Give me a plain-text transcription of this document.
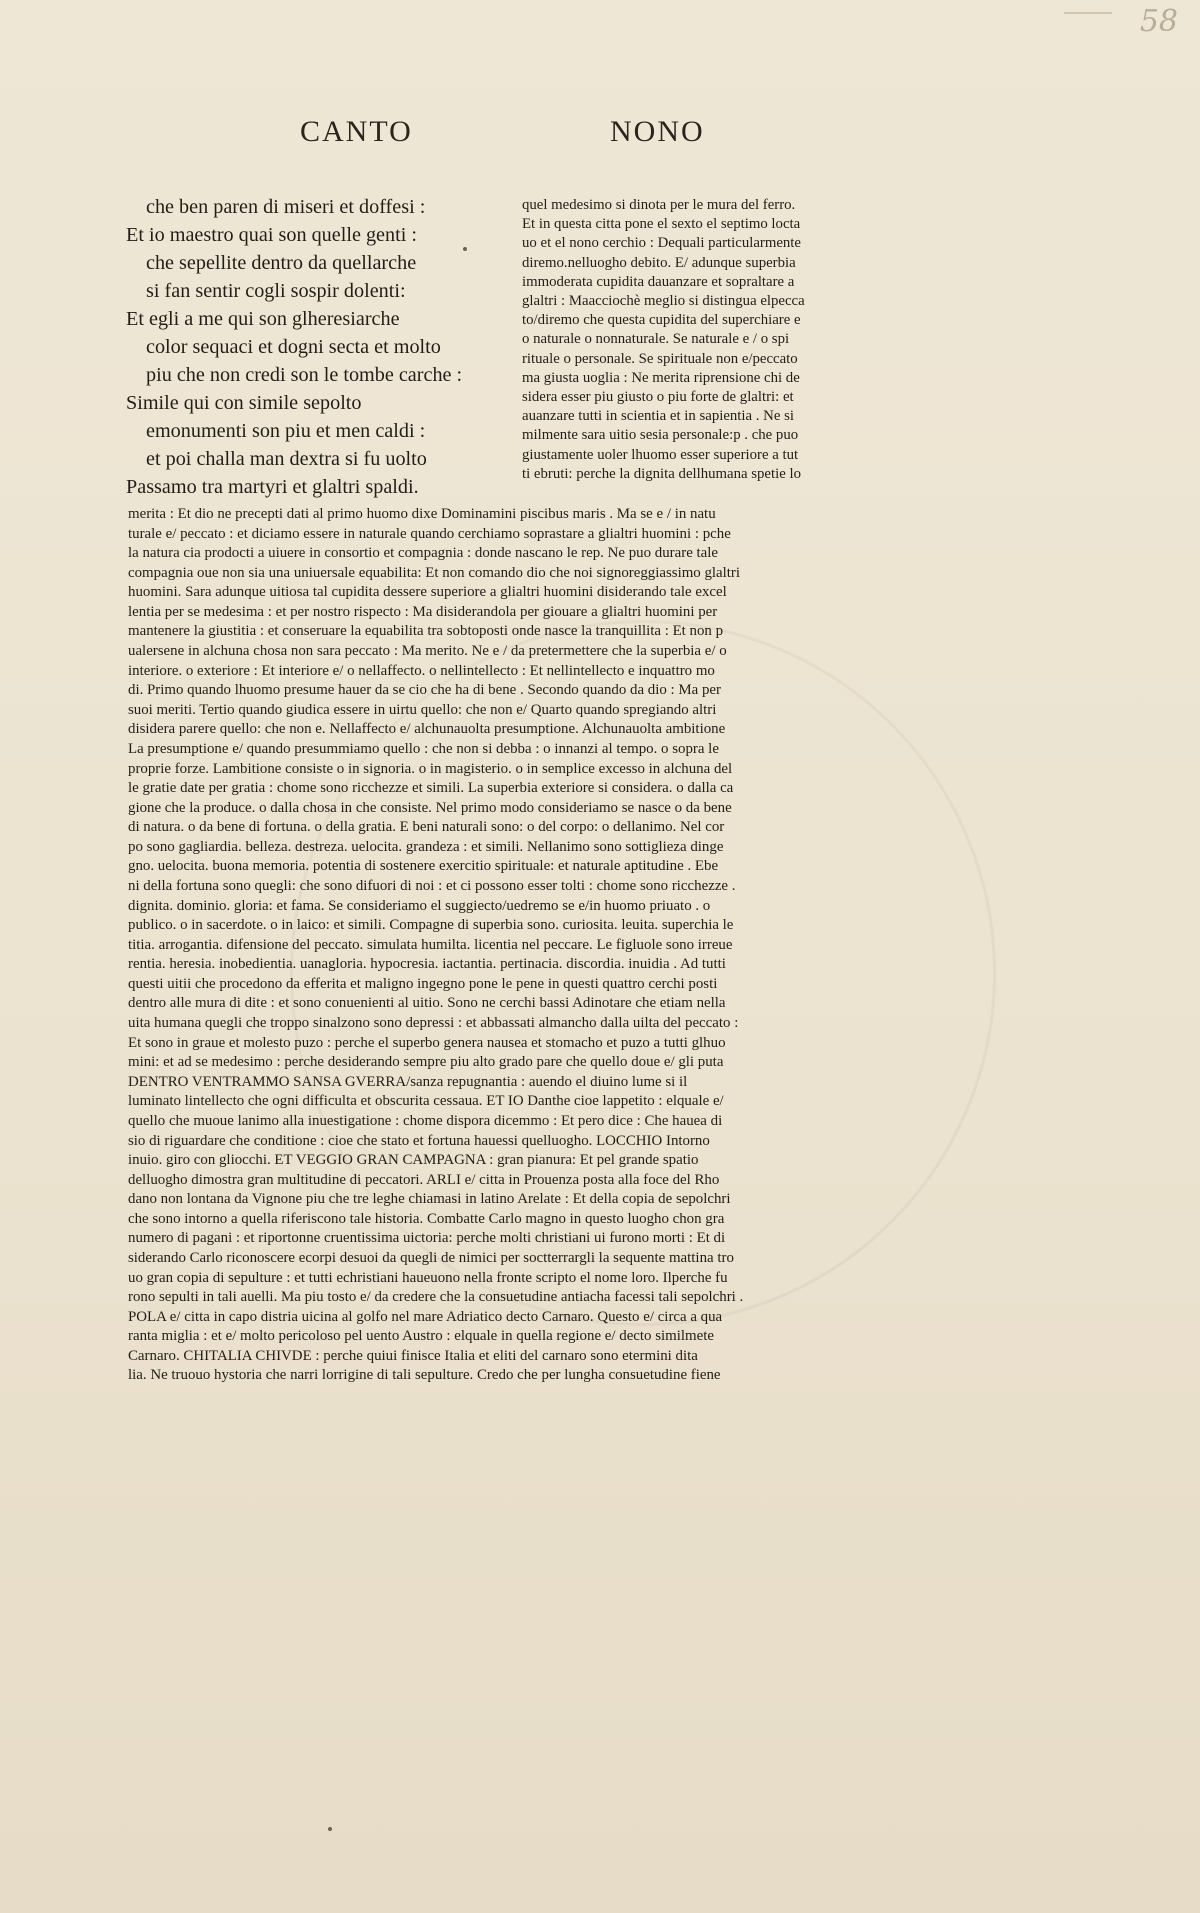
58
CANTO	NONO
che ben paren di miseri et doffesi :
Et io maestro quai son quelle genti :
che sepellite dentro da quellarche
si fan sentir cogli sospir dolenti:
Et egli a me qui son glheresiarche
color sequaci et dogni secta et molto
piu che non credi son le tombe carche :
Simile qui con simile sepolto
emonumenti son piu et men caldi :
et poi challa man dextra si fu uolto
Passamo tra martyri et glaltri spaldi.
quel medesimo si dinota per le mura del ferro.
Et in questa citta pone el sexto el septimo locta
uo et el nono cerchio : Dequali particularmente
diremo.nelluogho debito. E/ adunque superbia
immoderata cupidita dauanzare et sopraltare a
glaltri : Maacciochè meglio si distingua elpecca
to/diremo che questa cupidita del superchiare e
o naturale o nonnaturale. Se naturale e / o spi
rituale o personale. Se spirituale non e/peccato
ma giusta uoglia : Ne merita riprensione chi de
sidera esser piu giusto o piu forte de glaltri: et
auanzare tutti in scientia et in sapientia . Ne si
milmente sara uitio sesia personale:p . che puo
giustamente uoler lhuomo esser superiore a tut
ti ebruti: perche la dignita dellhumana spetie lo
merita : Et dio ne precepti dati al primo huomo dixe Dominamini piscibus maris . Ma se e / in natu
turale e/ peccato : et diciamo essere in naturale quando cerchiamo soprastare a glialtri huomini : pche
la natura cia prodocti a uiuere in consortio et compagnia : donde nascano le rep. Ne puo durare tale
compagnia oue non sia una uniuersale equabilita: Et non comando dio che noi signoreggiassimo glaltri
huomini. Sara adunque uitiosa tal cupidita dessere superiore a glialtri huomini disiderando tale excel
lentia per se medesima : et per nostro rispecto : Ma disiderandola per giouare a glialtri huomini per
mantenere la giustitia : et conseruare la equabilita tra sobtoposti onde nasce la tranquillita : Et non p
ualersene in alchuna chosa non sara peccato : Ma merito. Ne e / da pretermettere che la superbia e/ o
interiore. o exteriore : Et interiore e/ o nellaffecto. o nellintellecto : Et nellintellecto e inquattro mo
di. Primo quando lhuomo presume hauer da se cio che ha di bene . Secondo quando da dio : Ma per
suoi meriti. Tertio quando giudica essere in uirtu quello: che non e/ Quarto quando spregiando altri
disidera parere quello: che non e. Nellaffecto e/ alchunauolta presumptione. Alchunauolta ambitione
La presumptione e/ quando presummiamo quello : che non si debba : o innanzi al tempo. o sopra le
proprie forze. Lambitione consiste o in signoria. o in magisterio. o in semplice excesso in alchuna del
le gratie date per gratia : chome sono ricchezze et simili. La superbia exteriore si considera. o dalla ca
gione che la produce. o dalla chosa in che consiste. Nel primo modo consideriamo se nasce o da bene
di natura. o da bene di fortuna. o della gratia. E beni naturali sono: o del corpo: o dellanimo. Nel cor
po sono gagliardia. belleza. destreza. uelocita. grandeza : et simili. Nellanimo sono sottiglieza dinge
gno. uelocita. buona memoria. potentia di sostenere exercitio spirituale: et naturale aptitudine . Ebe
ni della fortuna sono quegli: che sono difuori di noi : et ci possono esser tolti : chome sono ricchezze .
dignita. dominio. gloria: et fama. Se consideriamo el suggiecto/uedremo se e/in huomo priuato . o
publico. o in sacerdote. o in laico: et simili. Compagne di superbia sono. curiosita. leuita. superchia le
titia. arrogantia. difensione del peccato. simulata humilta. licentia nel peccare. Le figluole sono irreue
rentia. heresia. inobedientia. uanagloria. hypocresia. iactantia. pertinacia. discordia. inuidia . Ad tutti
questi uitii che procedono da efferita et maligno ingegno pone le pene in questi quattro cerchi posti
dentro alle mura di dite : et sono conuenienti al uitio. Sono ne cerchi bassi Adinotare che etiam nella
uita humana quegli che troppo sinalzono sono depressi : et abbassati almancho dalla uilta del peccato :
Et sono in graue et molesto puzo : perche el superbo genera nausea et stomacho et puzo a tutti glhuo
mini: et ad se medesimo : perche desiderando sempre piu alto grado pare che quello doue e/ gli puta
DENTRO VENTRAMMO SANSA GVERRA/sanza repugnantia : auendo el diuino lume si il
luminato lintellecto che ogni difficulta et obscurita cessaua. ET IO Danthe cioe lappetito : elquale e/
quello che muoue lanimo alla inuestigatione : chome dispora dicemmo : Et pero dice : Che hauea di
sio di riguardare che conditione : cioe che stato et fortuna hauessi quelluogho. LOCCHIO Intorno
inuio. giro con gliocchi. ET VEGGIO GRAN CAMPAGNA : gran pianura: Et pel grande spatio
delluogho dimostra gran multitudine di peccatori. ARLI e/ citta in Prouenza posta alla foce del Rho
dano non lontana da Vignone piu che tre leghe chiamasi in latino Arelate : Et della copia de sepolchri
che sono intorno a quella riferiscono tale historia. Combatte Carlo magno in questo luogho chon gra
numero di pagani : et riportonne cruentissima uictoria: perche molti christiani ui furono morti : Et di
siderando Carlo riconoscere ecorpi desuoi da quegli de nimici per soctterrargli la sequente mattina tro
uo gran copia di sepulture : et tutti echristiani haueuono nella fronte scripto el nome loro. Ilperche fu
rono sepulti in tali auelli. Ma piu tosto e/ da credere che la consuetudine antiacha facessi tali sepolchri .
POLA e/ citta in capo distria uicina al golfo nel mare Adriatico decto Carnaro. Questo e/ circa a qua
ranta miglia : et e/ molto pericoloso pel uento Austro : elquale in quella regione e/ decto similmete
Carnaro. CHITALIA CHIVDE : perche quiui finisce Italia et eliti del carnaro sono etermini dita
lia. Ne truouo hystoria che narri lorrigine di tali sepulture. Credo che per lungha consuetudine fiene
